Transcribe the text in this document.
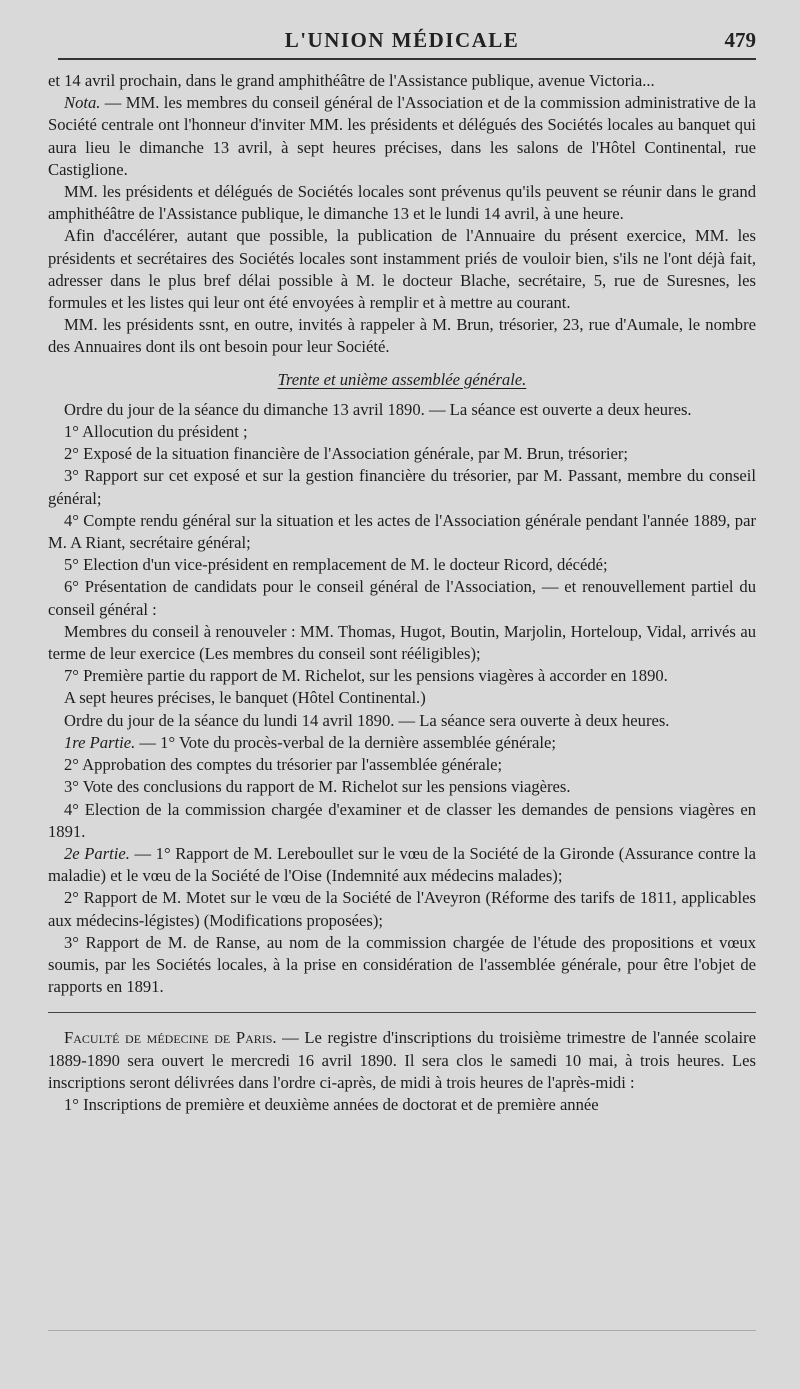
L'UNION MÉDICALE	479

et 14 avril prochain, dans le grand amphithéâtre de l'Assistance publique, avenue Victoria...

Nota. — MM. les membres du conseil général de l'Association et de la commission administrative de la Société centrale ont l'honneur d'inviter MM. les présidents et délégués des Sociétés locales au banquet qui aura lieu le dimanche 13 avril, à sept heures précises, dans les salons de l'Hôtel Continental, rue Castiglione.

MM. les présidents et délégués de Sociétés locales sont prévenus qu'ils peuvent se réunir dans le grand amphithéâtre de l'Assistance publique, le dimanche 13 et le lundi 14 avril, à une heure.

Afin d'accélérer, autant que possible, la publication de l'Annuaire du présent exercice, MM. les présidents et secrétaires des Sociétés locales sont instamment priés de vouloir bien, s'ils ne l'ont déjà fait, adresser dans le plus bref délai possible à M. le docteur Blache, secrétaire, 5, rue de Suresnes, les formules et les listes qui leur ont été envoyées à remplir et à mettre au courant.

MM. les présidents ssnt, en outre, invités à rappeler à M. Brun, trésorier, 23, rue d'Aumale, le nombre des Annuaires dont ils ont besoin pour leur Société.

Trente et unième assemblée générale.

Ordre du jour de la séance du dimanche 13 avril 1890. — La séance est ouverte a deux heures.

1° Allocution du président ;

2° Exposé de la situation financière de l'Association générale, par M. Brun, trésorier;

3° Rapport sur cet exposé et sur la gestion financière du trésorier, par M. Passant, membre du conseil général;

4° Compte rendu général sur la situation et les actes de l'Association générale pendant l'année 1889, par M. A Riant, secrétaire général;

5° Election d'un vice-président en remplacement de M. le docteur Ricord, décédé;

6° Présentation de candidats pour le conseil général de l'Association, — et renouvellement partiel du conseil général :

Membres du conseil à renouveler : MM. Thomas, Hugot, Boutin, Marjolin, Horteloup, Vidal, arrivés au terme de leur exercice (Les membres du conseil sont rééligibles);

7° Première partie du rapport de M. Richelot, sur les pensions viagères à accorder en 1890.

A sept heures précises, le banquet (Hôtel Continental.)

Ordre du jour de la séance du lundi 14 avril 1890. — La séance sera ouverte à deux heures.

1re Partie. — 1° Vote du procès-verbal de la dernière assemblée générale;

2° Approbation des comptes du trésorier par l'assemblée générale;

3° Vote des conclusions du rapport de M. Richelot sur les pensions viagères.

4° Election de la commission chargée d'examiner et de classer les demandes de pensions viagères en 1891.

2e Partie. — 1° Rapport de M. Lereboullet sur le vœu de la Société de la Gironde (Assurance contre la maladie) et le vœu de la Société de l'Oise (Indemnité aux médecins malades);

2° Rapport de M. Motet sur le vœu de la Société de l'Aveyron (Réforme des tarifs de 1811, applicables aux médecins-légistes) (Modifications proposées);

3° Rapport de M. de Ranse, au nom de la commission chargée de l'étude des propositions et vœux soumis, par les Sociétés locales, à la prise en considération de l'assemblée générale, pour être l'objet de rapports en 1891.

Faculté de médecine de Paris. — Le registre d'inscriptions du troisième trimestre de l'année scolaire 1889-1890 sera ouvert le mercredi 16 avril 1890. Il sera clos le samedi 10 mai, à trois heures. Les inscriptions seront délivrées dans l'ordre ci-après, de midi à trois heures de l'après-midi :

1° Inscriptions de première et deuxième années de doctorat et de première année
